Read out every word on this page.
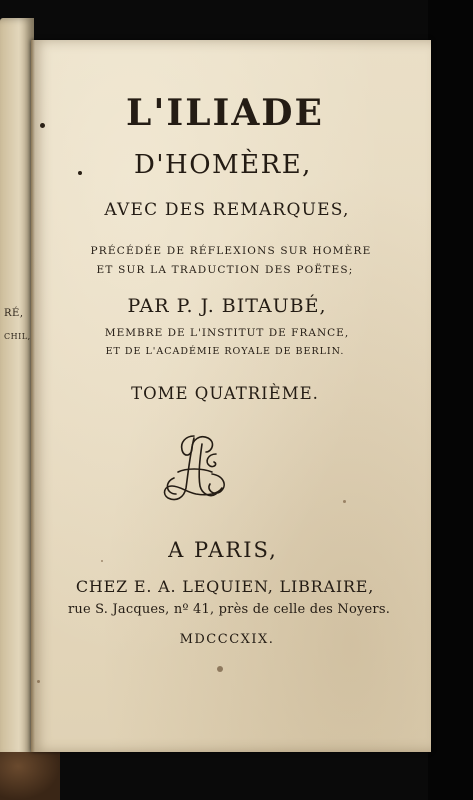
RÉ,
CHIL,
L'ILIADE
D'HOMÈRE,
AVEC DES REMARQUES,
PRÉCÉDÉE DE RÉFLEXIONS SUR HOMÈRE
ET SUR LA TRADUCTION DES POËTES;
PAR P. J. BITAUBÉ,
MEMBRE DE L'INSTITUT DE FRANCE,
ET DE L'ACADÉMIE ROYALE DE BERLIN.
TOME QUATRIÈME.
A PARIS,
CHEZ E. A. LEQUIEN, LIBRAIRE,
rue S. Jacques, nº 41, près de celle des Noyers.
MDCCCXIX.
